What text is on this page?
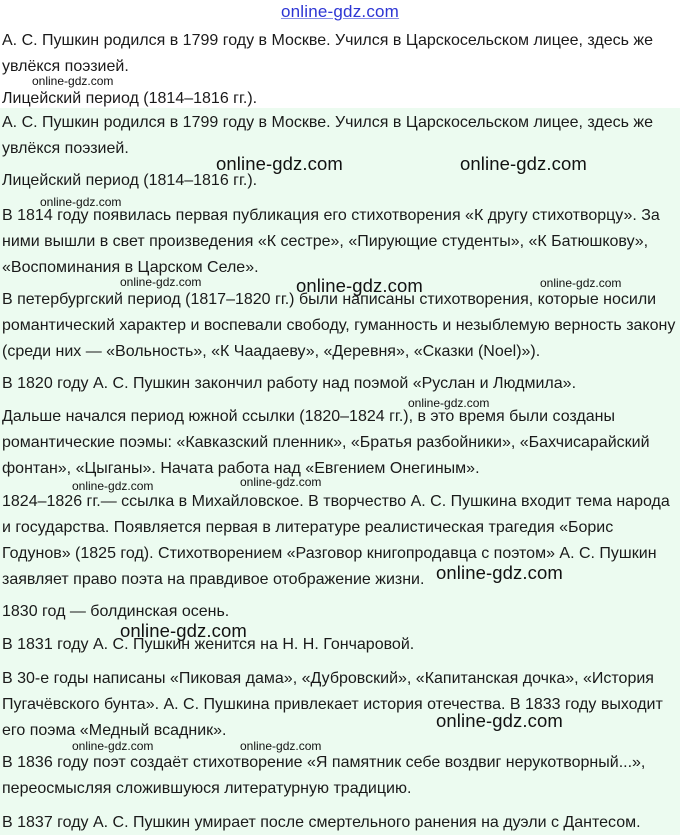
online-gdz.com

А. С. Пушкин родился в 1799 году в Москве. Учился в Царскосельском лицее, здесь же увлёкся поэзией.

Лицейский период (1814–1816 гг.).

А. С. Пушкин родился в 1799 году в Москве. Учился в Царскосельском лицее, здесь же увлёкся поэзией.

Лицейский период (1814–1816 гг.).

В 1814 году появилась первая публикация его стихотворения «К другу стихотворцу». За ними вышли в свет произведения «К сестре», «Пирующие студенты», «К Батюшкову», «Воспоминания в Царском Селе».

В петербургский период (1817–1820 гг.) были написаны стихотворения, которые носили романтический характер и воспевали свободу, гуманность и незыблемую верность закону (среди них — «Вольность», «К Чаадаеву», «Деревня», «Сказки (Noel)»).

В 1820 году А. С. Пушкин закончил работу над поэмой «Руслан и Людмила».

Дальше начался период южной ссылки (1820–1824 гг.), в это время были созданы романтические поэмы: «Кавказский пленник», «Братья разбойники», «Бахчисарайский фонтан», «Цыганы». Начата работа над «Евгением Онегиным».

1824–1826 гг.— ссылка в Михайловское. В творчество А. С. Пушкина входит тема народа и государства. Появляется первая в литературе реалистическая трагедия «Борис Годунов» (1825 год). Стихотворением «Разговор книгопродавца с поэтом» А. С. Пушкин заявляет право поэта на правдивое отображение жизни.

1830 год — болдинская осень.

В 1831 году А. С. Пушкин женится на Н. Н. Гончаровой.

В 30-е годы написаны «Пиковая дама», «Дубровский», «Капитанская дочка», «История Пугачёвского бунта». А. С. Пушкина привлекает история отечества. В 1833 году выходит его поэма «Медный всадник».

В 1836 году поэт создаёт стихотворение «Я памятник себе воздвиг нерукотворный...», переосмысляя сложившуюся литературную традицию.

В 1837 году А. С. Пушкин умирает после смертельного ранения на дуэли с Дантесом.

online-gdz.com
online-gdz.com	online-gdz.com
online-gdz.com
online-gdz.com	online-gdz.com	online-gdz.com
online-gdz.com
online-gdz.com	online-gdz.com
online-gdz.com
online-gdz.com
online-gdz.com
online-gdz.com	online-gdz.com
